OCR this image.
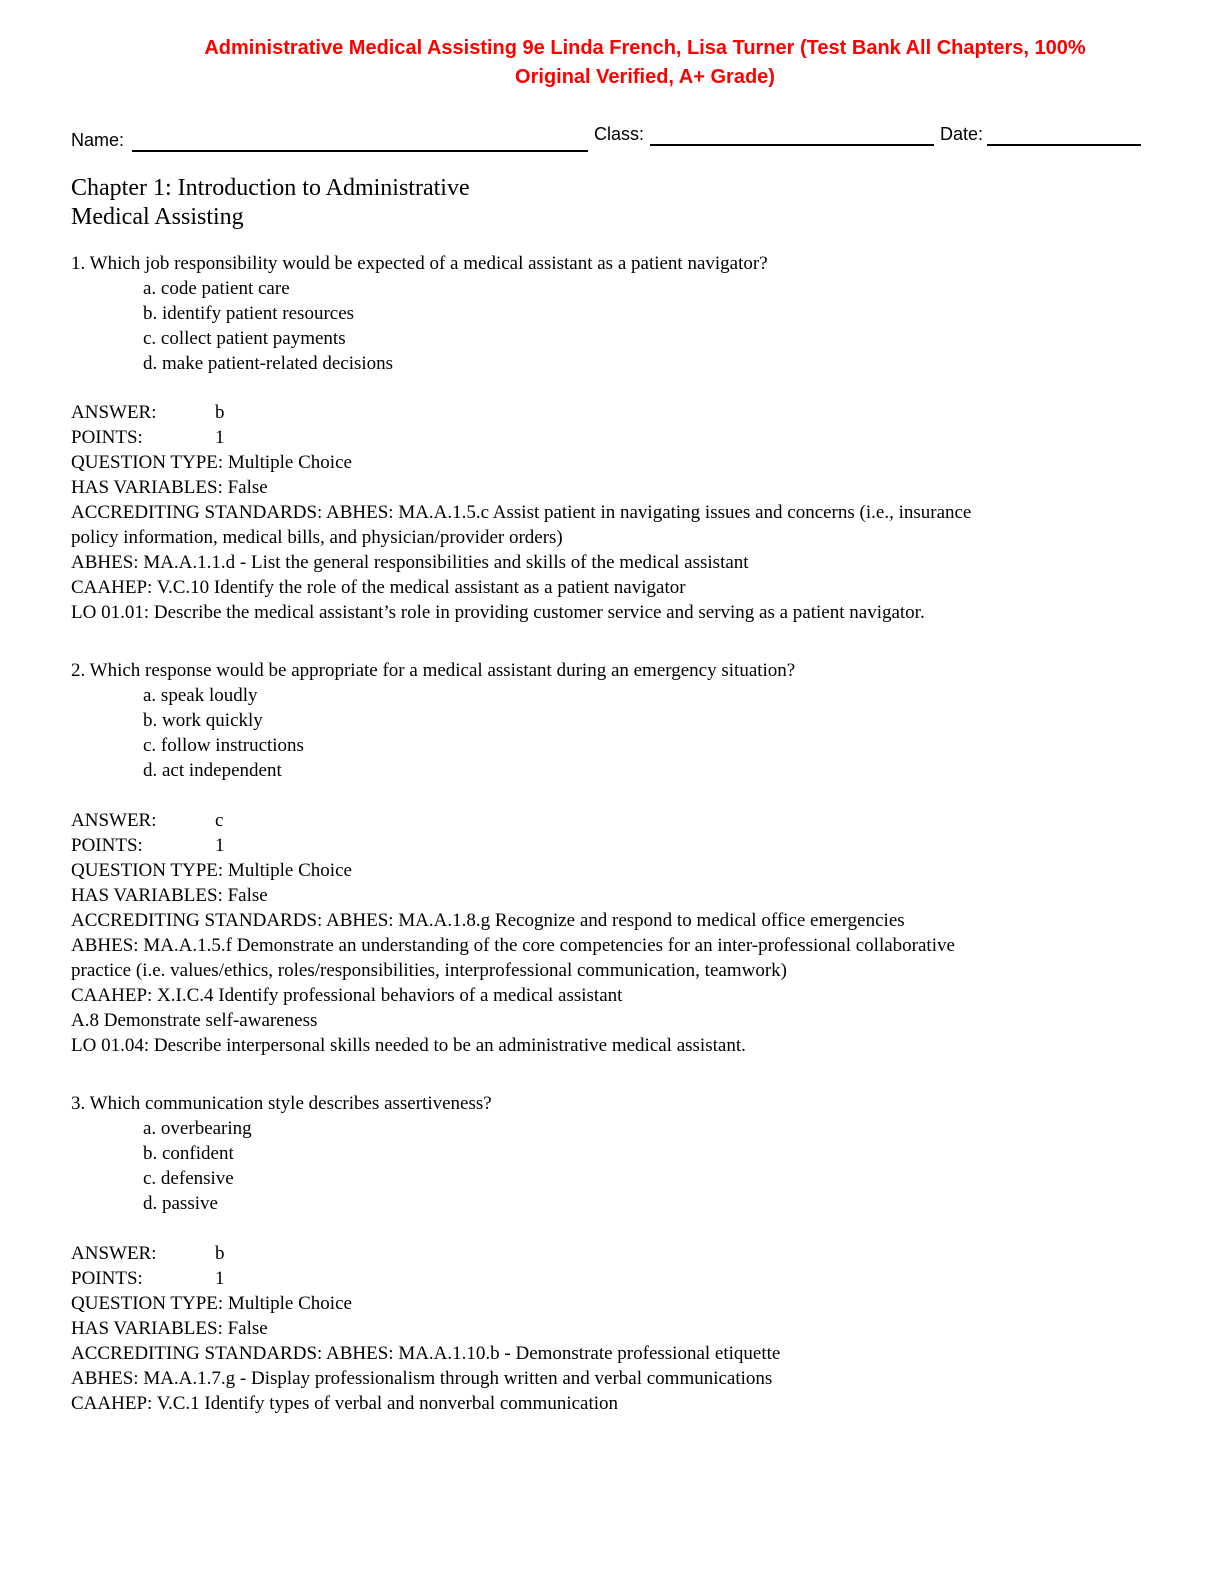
Administrative Medical Assisting 9e Linda French, Lisa Turner (Test Bank All Chapters, 100%
Original Verified, A+ Grade)
Name:	Class:	Date:
Chapter 1: Introduction to Administrative
Medical Assisting
1. Which job responsibility would be expected of a medical assistant as a patient navigator?
a. code patient care
b. identify patient resources
c. collect patient payments
d. make patient-related decisions
ANSWER:	b
POINTS:	1
QUESTION TYPE: Multiple Choice
HAS VARIABLES: False
ACCREDITING STANDARDS: ABHES: MA.A.1.5.c Assist patient in navigating issues and concerns (i.e., insurance
policy information, medical bills, and physician/provider orders)
ABHES: MA.A.1.1.d - List the general responsibilities and skills of the medical assistant
CAAHEP: V.C.10 Identify the role of the medical assistant as a patient navigator
LO 01.01: Describe the medical assistant’s role in providing customer service and serving as a patient navigator.
2. Which response would be appropriate for a medical assistant during an emergency situation?
a. speak loudly
b. work quickly
c. follow instructions
d. act independent
ANSWER:	c
POINTS:	1
QUESTION TYPE: Multiple Choice
HAS VARIABLES: False
ACCREDITING STANDARDS: ABHES: MA.A.1.8.g Recognize and respond to medical office emergencies
ABHES: MA.A.1.5.f Demonstrate an understanding of the core competencies for an inter-professional collaborative
practice (i.e. values/ethics, roles/responsibilities, interprofessional communication, teamwork)
CAAHEP: X.I.C.4 Identify professional behaviors of a medical assistant
A.8 Demonstrate self-awareness
LO 01.04: Describe interpersonal skills needed to be an administrative medical assistant.
3. Which communication style describes assertiveness?
a. overbearing
b. confident
c. defensive
d. passive
ANSWER:	b
POINTS:	1
QUESTION TYPE: Multiple Choice
HAS VARIABLES: False
ACCREDITING STANDARDS: ABHES: MA.A.1.10.b - Demonstrate professional etiquette
ABHES: MA.A.1.7.g - Display professionalism through written and verbal communications
CAAHEP: V.C.1 Identify types of verbal and nonverbal communication
